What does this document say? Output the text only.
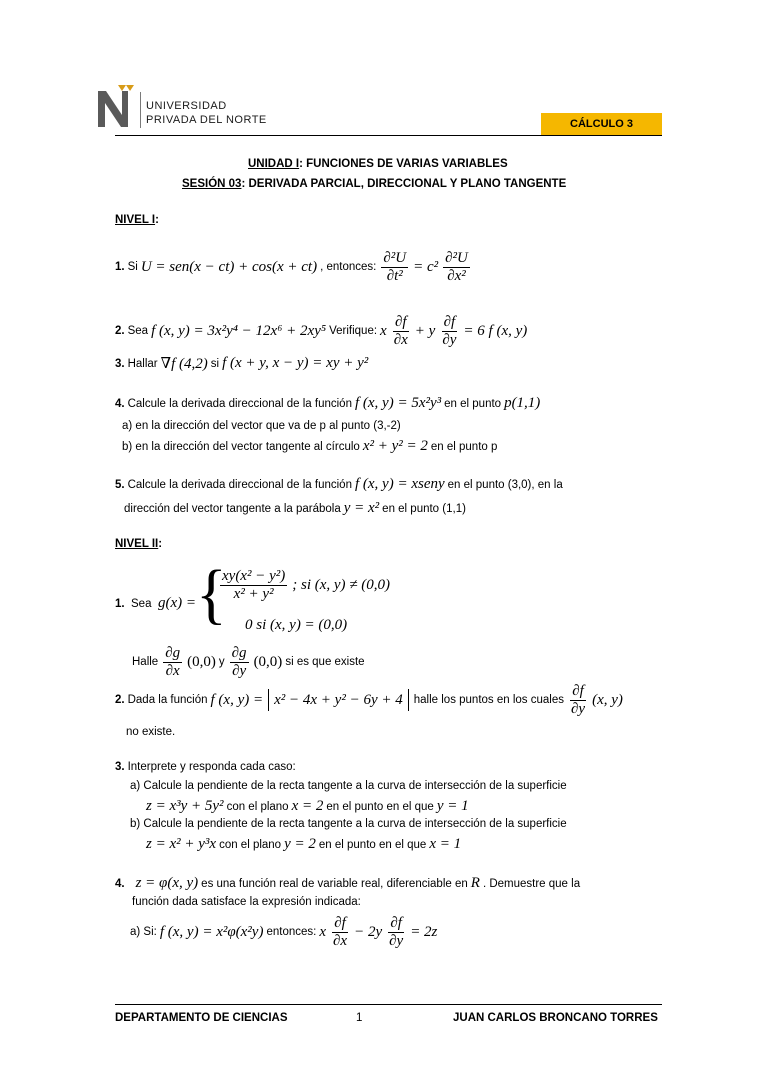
UNIVERSIDAD
PRIVADA DEL NORTE	CÁLCULO 3
UNIDAD I: FUNCIONES DE VARIAS VARIABLES
SESIÓN 03: DERIVADA PARCIAL, DIRECCIONAL Y PLANO TANGENTE
NIVEL I:
1. Si U = sen(x − ct) + cos(x + ct) , entonces: $\frac{\text{∂²U}}{\text{∂t²}} = c^2 \frac{\text{∂²U}}{\text{∂x²}}$
2. Sea f (x, y) = 3x²y⁴ − 12x⁶ + 2xy⁵ Verifique: x $\frac{\partial f}{\partial x} + y \frac{\partial f}{\partial y} = 6$ f (x, y)
3. Hallar ∇f (4,2) si f (x + y, x − y) = xy + y²
4. Calcule la derivada direccional de la función f (x, y) = 5x²y³ en el punto p(1,1)
a) en la dirección del vector que va de p al punto (3,-2)
b) en la dirección del vector tangente al círculo x² + y² = 2 en el punto p
5. Calcule la derivada direccional de la función f (x, y) = xseny en el punto (3,0), en la
dirección del vector tangente a la parábola y = x² en el punto (1,1)
NIVEL II:
1. Sea g(x) = {
$\frac{\text{xy(x² − y²)}}{\text{x² + y²}}$ ; si (x, y) ≠ (0,0)
0 si (x, y) = (0,0)
Halle $\frac{\partial g}{\partial x} (0,0)$ y $\frac{\partial g}{\partial y} (0,0)$ si es que existe
2. Dada la función f (x, y) = x² − 4x + y² − 6y + 4 halle los puntos en los cuales $\frac{\partial f}{\partial y} (x$, y)
no existe.
3. Interprete y responda cada caso:
a) Calcule la pendiente de la recta tangente a la curva de intersección de la superficie
z = x³y + 5y² con el plano x = 2 en el punto en el que y = 1
b) Calcule la pendiente de la recta tangente a la curva de intersección de la superficie
z = x² + y³x con el plano y = 2 en el punto en el que x = 1
4. z = φ(x, y) es una función real de variable real, diferenciable en R . Demuestre que la
función dada satisface la expresión indicada:
a) Si: f (x, y) = x²φ(x²y) entonces: x $\frac{\partial f}{\partial x} - 2y \frac{\partial f}{\partial y} = 2z$
DEPARTAMENTO DE CIENCIAS	1	JUAN CARLOS BRONCANO TORRES
